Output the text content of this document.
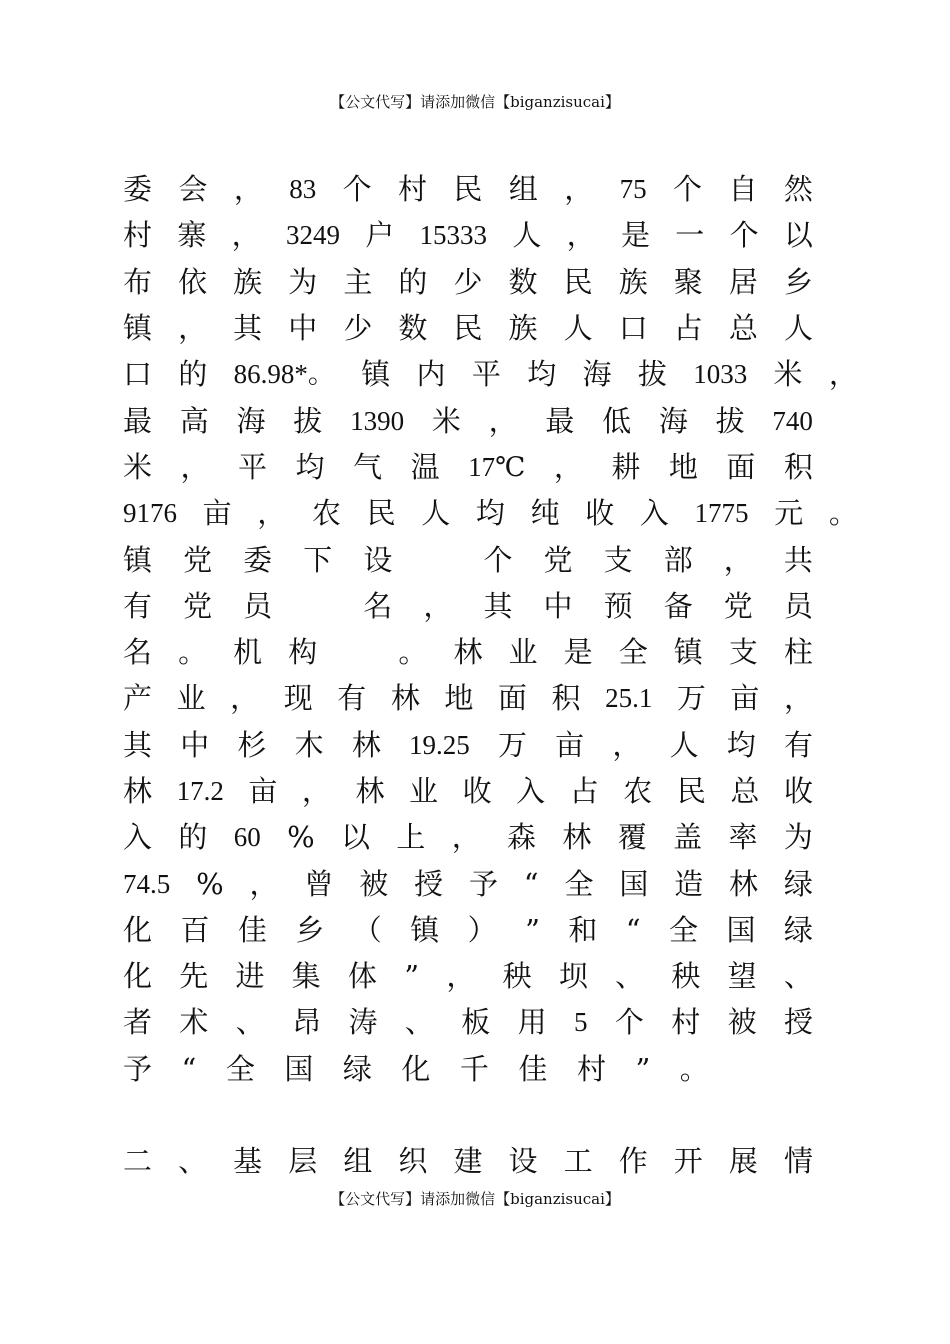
【公文代写】请添加微信【biganzisucai】
委 会 ， 83 个 村 民 组 ， 75 个 自 然
村 寨 ， 3249 户 15333 人 ， 是 一 个 以
布 依 族 为 主 的 少 数 民 族 聚 居 乡
镇 ， 其 中 少 数 民 族 人 口 占 总 人
口 的 86.98*。 镇 内 平 均 海 拔 1033 米 ，
最 高 海 拔 1390 米 ， 最 低 海 拔 740
米 ， 平 均 气 温 17℃ ， 耕 地 面 积
9176 亩 ， 农 民 人 均 纯 收 入 1775 元 。
镇 党 委 下 设	个 党 支 部 ， 共
有 党 员	名 ， 其 中 预 备 党 员
名 。 机 构	。 林 业 是 全 镇 支 柱
产 业 ， 现 有 林 地 面 积 25.1 万 亩 ，
其 中 杉 木 林 19.25 万 亩 ， 人 均 有
林 17.2 亩 ， 林 业 收 入 占 农 民 总 收
入 的 60 % 以 上 ， 森 林 覆 盖 率 为
74.5 % ， 曾 被 授 予 “ 全 国 造 林 绿
化 百 佳 乡 （ 镇 ） ” 和 “ 全 国 绿
化 先 进 集 体 ” ， 秧 坝 、 秧 望 、
者 术 、 昂 涛 、 板 用 5 个 村 被 授
予 “ 全 国 绿 化 千 佳 村 ” 。
二 、 基 层 组 织 建 设 工 作 开 展 情
【公文代写】请添加微信【biganzisucai】
